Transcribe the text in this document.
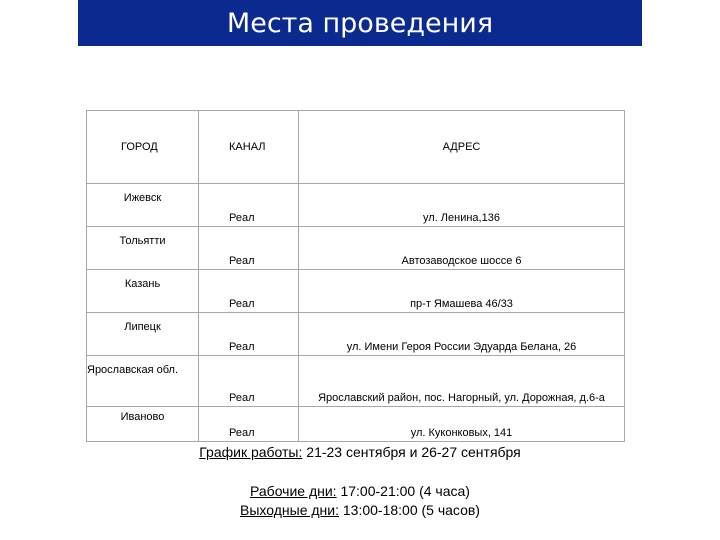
Места проведения
ГОРОД	КАНАЛ	АДРЕС
Ижевск	Реал	ул. Ленина,136
Тольятти	Реал	Автозаводское шоссе 6
Казань	Реал	пр-т Ямашева 46/33
Липецк	Реал	ул. Имени Героя России Эдуарда Белана, 26
Ярославская обл.	Реал	Ярославский район, пос. Нагорный, ул. Дорожная, д.6-а
Иваново	Реал	ул. Куконковых, 141
График работы: 21-23 сентября и 26-27 сентября
Рабочие дни: 17:00-21:00 (4 часа)
Выходные дни: 13:00-18:00 (5 часов)
